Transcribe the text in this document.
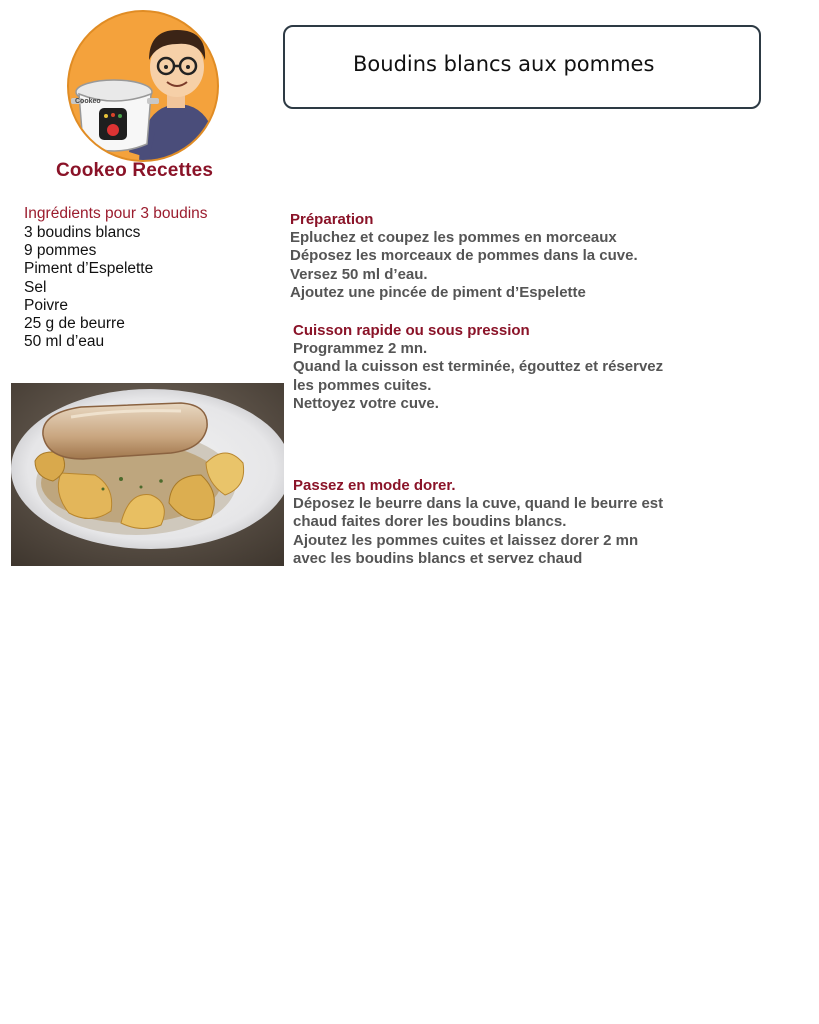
Cookeo
Cookeo Recettes
Boudins blancs aux pommes
Ingrédients pour 3 boudins
3 boudins blancs
9 pommes
Piment d’Espelette
Sel
Poivre
25 g de beurre
50 ml d’eau
Préparation

Epluchez et coupez les pommes en morceaux

Déposez les morceaux de pommes dans la cuve.

Versez 50 ml d’eau.

Ajoutez une pincée de piment d’Espelette

Cuisson rapide ou sous pression

Programmez 2 mn.

Quand la cuisson est terminée, égouttez et réservez

les pommes cuites.

Nettoyez votre cuve.

Passez en mode dorer.

Déposez le beurre dans la cuve, quand le beurre est

chaud faites dorer les boudins blancs.

Ajoutez les pommes cuites et laissez dorer 2 mn

avec les boudins blancs et servez chaud
